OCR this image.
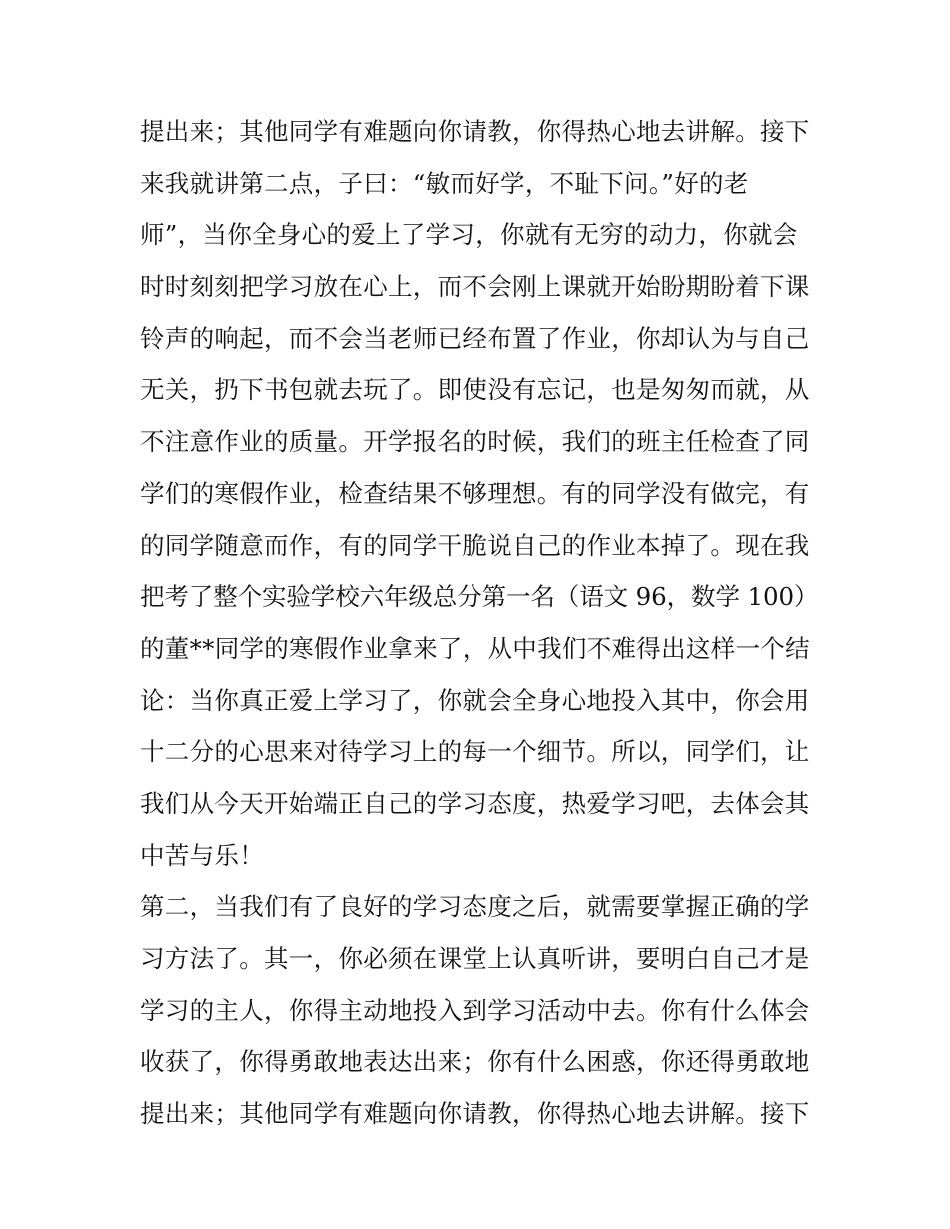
提出来；其他同学有难题向你请教，你得热心地去讲解。接下
来我就讲第二点，子曰：“敏而好学，不耻下问。”好的老
师”，当你全身心的爱上了学习，你就有无穷的动力，你就会
时时刻刻把学习放在心上，而不会刚上课就开始盼期盼着下课
铃声的响起，而不会当老师已经布置了作业，你却认为与自己
无关，扔下书包就去玩了。即使没有忘记，也是匆匆而就，从
不注意作业的质量。开学报名的时候，我们的班主任检查了同
学们的寒假作业，检查结果不够理想。有的同学没有做完，有
的同学随意而作，有的同学干脆说自己的作业本掉了。现在我
把考了整个实验学校六年级总分第一名（语文 96，数学 100）
的董**同学的寒假作业拿来了，从中我们不难得出这样一个结
论：当你真正爱上学习了，你就会全身心地投入其中，你会用
十二分的心思来对待学习上的每一个细节。所以，同学们，让
我们从今天开始端正自己的学习态度，热爱学习吧，去体会其
中苦与乐！
第二，当我们有了良好的学习态度之后，就需要掌握正确的学
习方法了。其一，你必须在课堂上认真听讲，要明白自己才是
学习的主人，你得主动地投入到学习活动中去。你有什么体会
收获了，你得勇敢地表达出来；你有什么困惑，你还得勇敢地
提出来；其他同学有难题向你请教，你得热心地去讲解。接下
